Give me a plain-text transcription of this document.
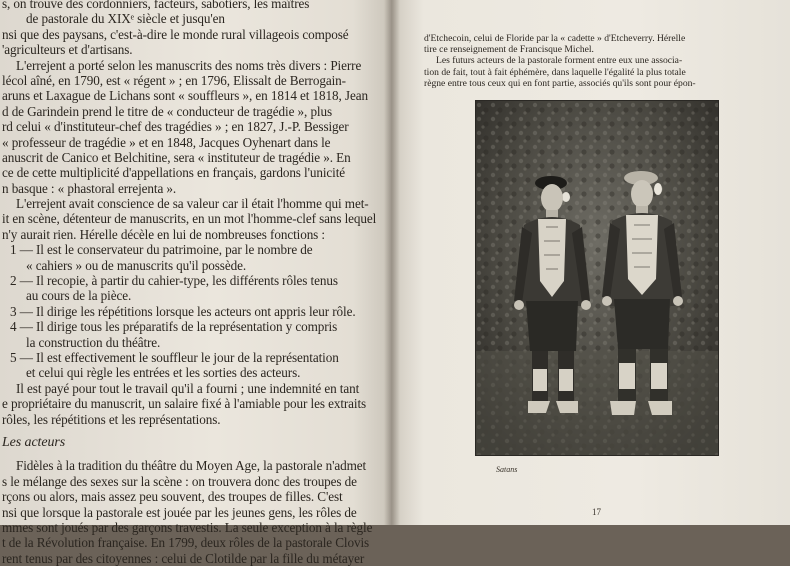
s, on trouve des cordonniers, facteurs, sabotiers, les maîtres
de pastorale du XIXᵉ siècle et jusqu'en
nsi que des paysans, c'est-à-dire le monde rural villageois composé
'agriculteurs et d'artisans.
L'errejent a porté selon les manuscrits des noms très divers : Pierre
lécol aîné, en 1790, est « régent » ; en 1796, Elissalt de Berrogain-
aruns et Laxague de Lichans sont « souffleurs », en 1814 et 1818, Jean
d de Garindein prend le titre de « conducteur de tragédie », plus
rd celui « d'instituteur-chef des tragédies » ; en 1827, J.-P. Bessiger
« professeur de tragédie » et en 1848, Jacques Oyhenart dans le
anuscrit de Canico et Belchitine, sera « instituteur de tragédie ». En
ce de cette multiplicité d'appellations en français, gardons l'unicité
n basque : « phastoral errejenta ».
L'errejent avait conscience de sa valeur car il était l'homme qui met-
it en scène, détenteur de manuscrits, en un mot l'homme-clef sans lequel
n'y aurait rien. Hérelle décèle en lui de nombreuses fonctions :
1 — Il est le conservateur du patrimoine, par le nombre de
« cahiers » ou de manuscrits qu'il possède.
2 — Il recopie, à partir du cahier-type, les différents rôles tenus
au cours de la pièce.
3 — Il dirige les répétitions lorsque les acteurs ont appris leur rôle.
4 — Il dirige tous les préparatifs de la représentation y compris
la construction du théâtre.
5 — Il est effectivement le souffleur le jour de la représentation
et celui qui règle les entrées et les sorties des acteurs.
Il est payé pour tout le travail qu'il a fourni ; une indemnité en tant
e propriétaire du manuscrit, un salaire fixé à l'amiable pour les extraits
rôles, les répétitions et les représentations.
Les acteurs
Fidèles à la tradition du théâtre du Moyen Age, la pastorale n'admet
s le mélange des sexes sur la scène : on trouvera donc des troupes de
rçons ou alors, mais assez peu souvent, des troupes de filles. C'est
nsi que lorsque la pastorale est jouée par les jeunes gens, les rôles de
mmes sont joués par des garçons travestis. La seule exception à la règle
t de la Révolution française. En 1799, deux rôles de la pastorale Clovis
rent tenus par des citoyennes : celui de Clotilde par la fille du métayer
d'Etchecoin, celui de Floride par la « cadette » d'Etcheverry. Hérelle
tire ce renseignement de Francisque Michel.
Les futurs acteurs de la pastorale forment entre eux une associa-
tion de fait, tout à fait éphémère, dans laquelle l'égalité la plus totale
règne entre tous ceux qui en font partie, associés qu'ils sont pour épon-
Satans
17
